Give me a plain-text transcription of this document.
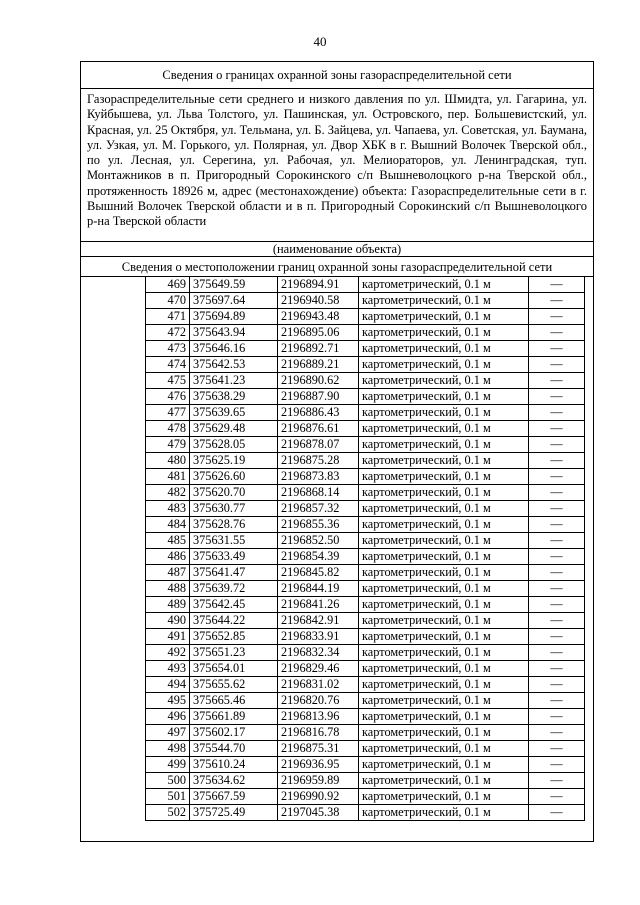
40
Сведения о границах охранной зоны газораспределительной сети
Газораспределительные сети среднего и низкого давления по ул. Шмидта, ул. Гагарина, ул. Куйбышева, ул. Льва Толстого, ул. Пашинская, ул. Островского, пер. Большевистский, ул. Красная, ул. 25 Октября, ул. Тельмана, ул. Б. Зайцева, ул. Чапаева, ул. Советская, ул. Баумана, ул. Узкая, ул. М. Горького, ул. Полярная, ул. Двор ХБК в г. Вышний Волочек Тверской обл., по ул. Лесная, ул. Серегина, ул. Рабочая, ул. Мелиораторов, ул. Ленинградская, туп. Монтажников в п. Пригородный Сорокинского с/п Вышневолоцкого р-на Тверской обл., протяженность 18926 м, адрес (местонахождение) объекта: Газораспределительные сети в г. Вышний Волочек Тверской области и в п. Пригородный Сорокинский с/п Вышневолоцкого р-на Тверской области
(наименование объекта)
Сведения о местоположении границ охранной зоны газораспределительной сети
469	375649.59	2196894.91	картометрический, 0.1 м	—
470	375697.64	2196940.58	картометрический, 0.1 м	—
471	375694.89	2196943.48	картометрический, 0.1 м	—
472	375643.94	2196895.06	картометрический, 0.1 м	—
473	375646.16	2196892.71	картометрический, 0.1 м	—
474	375642.53	2196889.21	картометрический, 0.1 м	—
475	375641.23	2196890.62	картометрический, 0.1 м	—
476	375638.29	2196887.90	картометрический, 0.1 м	—
477	375639.65	2196886.43	картометрический, 0.1 м	—
478	375629.48	2196876.61	картометрический, 0.1 м	—
479	375628.05	2196878.07	картометрический, 0.1 м	—
480	375625.19	2196875.28	картометрический, 0.1 м	—
481	375626.60	2196873.83	картометрический, 0.1 м	—
482	375620.70	2196868.14	картометрический, 0.1 м	—
483	375630.77	2196857.32	картометрический, 0.1 м	—
484	375628.76	2196855.36	картометрический, 0.1 м	—
485	375631.55	2196852.50	картометрический, 0.1 м	—
486	375633.49	2196854.39	картометрический, 0.1 м	—
487	375641.47	2196845.82	картометрический, 0.1 м	—
488	375639.72	2196844.19	картометрический, 0.1 м	—
489	375642.45	2196841.26	картометрический, 0.1 м	—
490	375644.22	2196842.91	картометрический, 0.1 м	—
491	375652.85	2196833.91	картометрический, 0.1 м	—
492	375651.23	2196832.34	картометрический, 0.1 м	—
493	375654.01	2196829.46	картометрический, 0.1 м	—
494	375655.62	2196831.02	картометрический, 0.1 м	—
495	375665.46	2196820.76	картометрический, 0.1 м	—
496	375661.89	2196813.96	картометрический, 0.1 м	—
497	375602.17	2196816.78	картометрический, 0.1 м	—
498	375544.70	2196875.31	картометрический, 0.1 м	—
499	375610.24	2196936.95	картометрический, 0.1 м	—
500	375634.62	2196959.89	картометрический, 0.1 м	—
501	375667.59	2196990.92	картометрический, 0.1 м	—
502	375725.49	2197045.38	картометрический, 0.1 м	—
